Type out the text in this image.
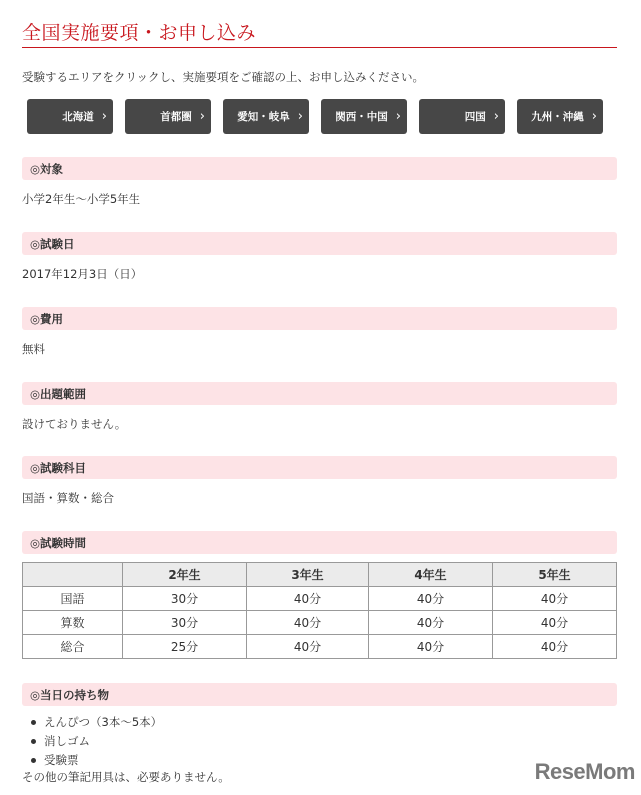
全国実施要項・お申し込み
受験するエリアをクリックし、実施要項をご確認の上、お申し込みください。
北海道 ›	首都圏 ›	愛知・岐阜 ›	関西・中国 ›	四国 ›	九州・沖縄 ›
◎対象
小学2年生〜小学5年生
◎試験日
2017年12月3日（日）
◎費用
無料
◎出題範囲
設けておりません。
◎試験科目
国語・算数・総合
◎試験時間
	2年生	3年生	4年生	5年生
国語	30分	40分	40分	40分
算数	30分	40分	40分	40分
総合	25分	40分	40分	40分
◎当日の持ち物
えんぴつ（3本〜5本）
消しゴム
受験票
その他の筆記用具は、必要ありません。	ReseMom
